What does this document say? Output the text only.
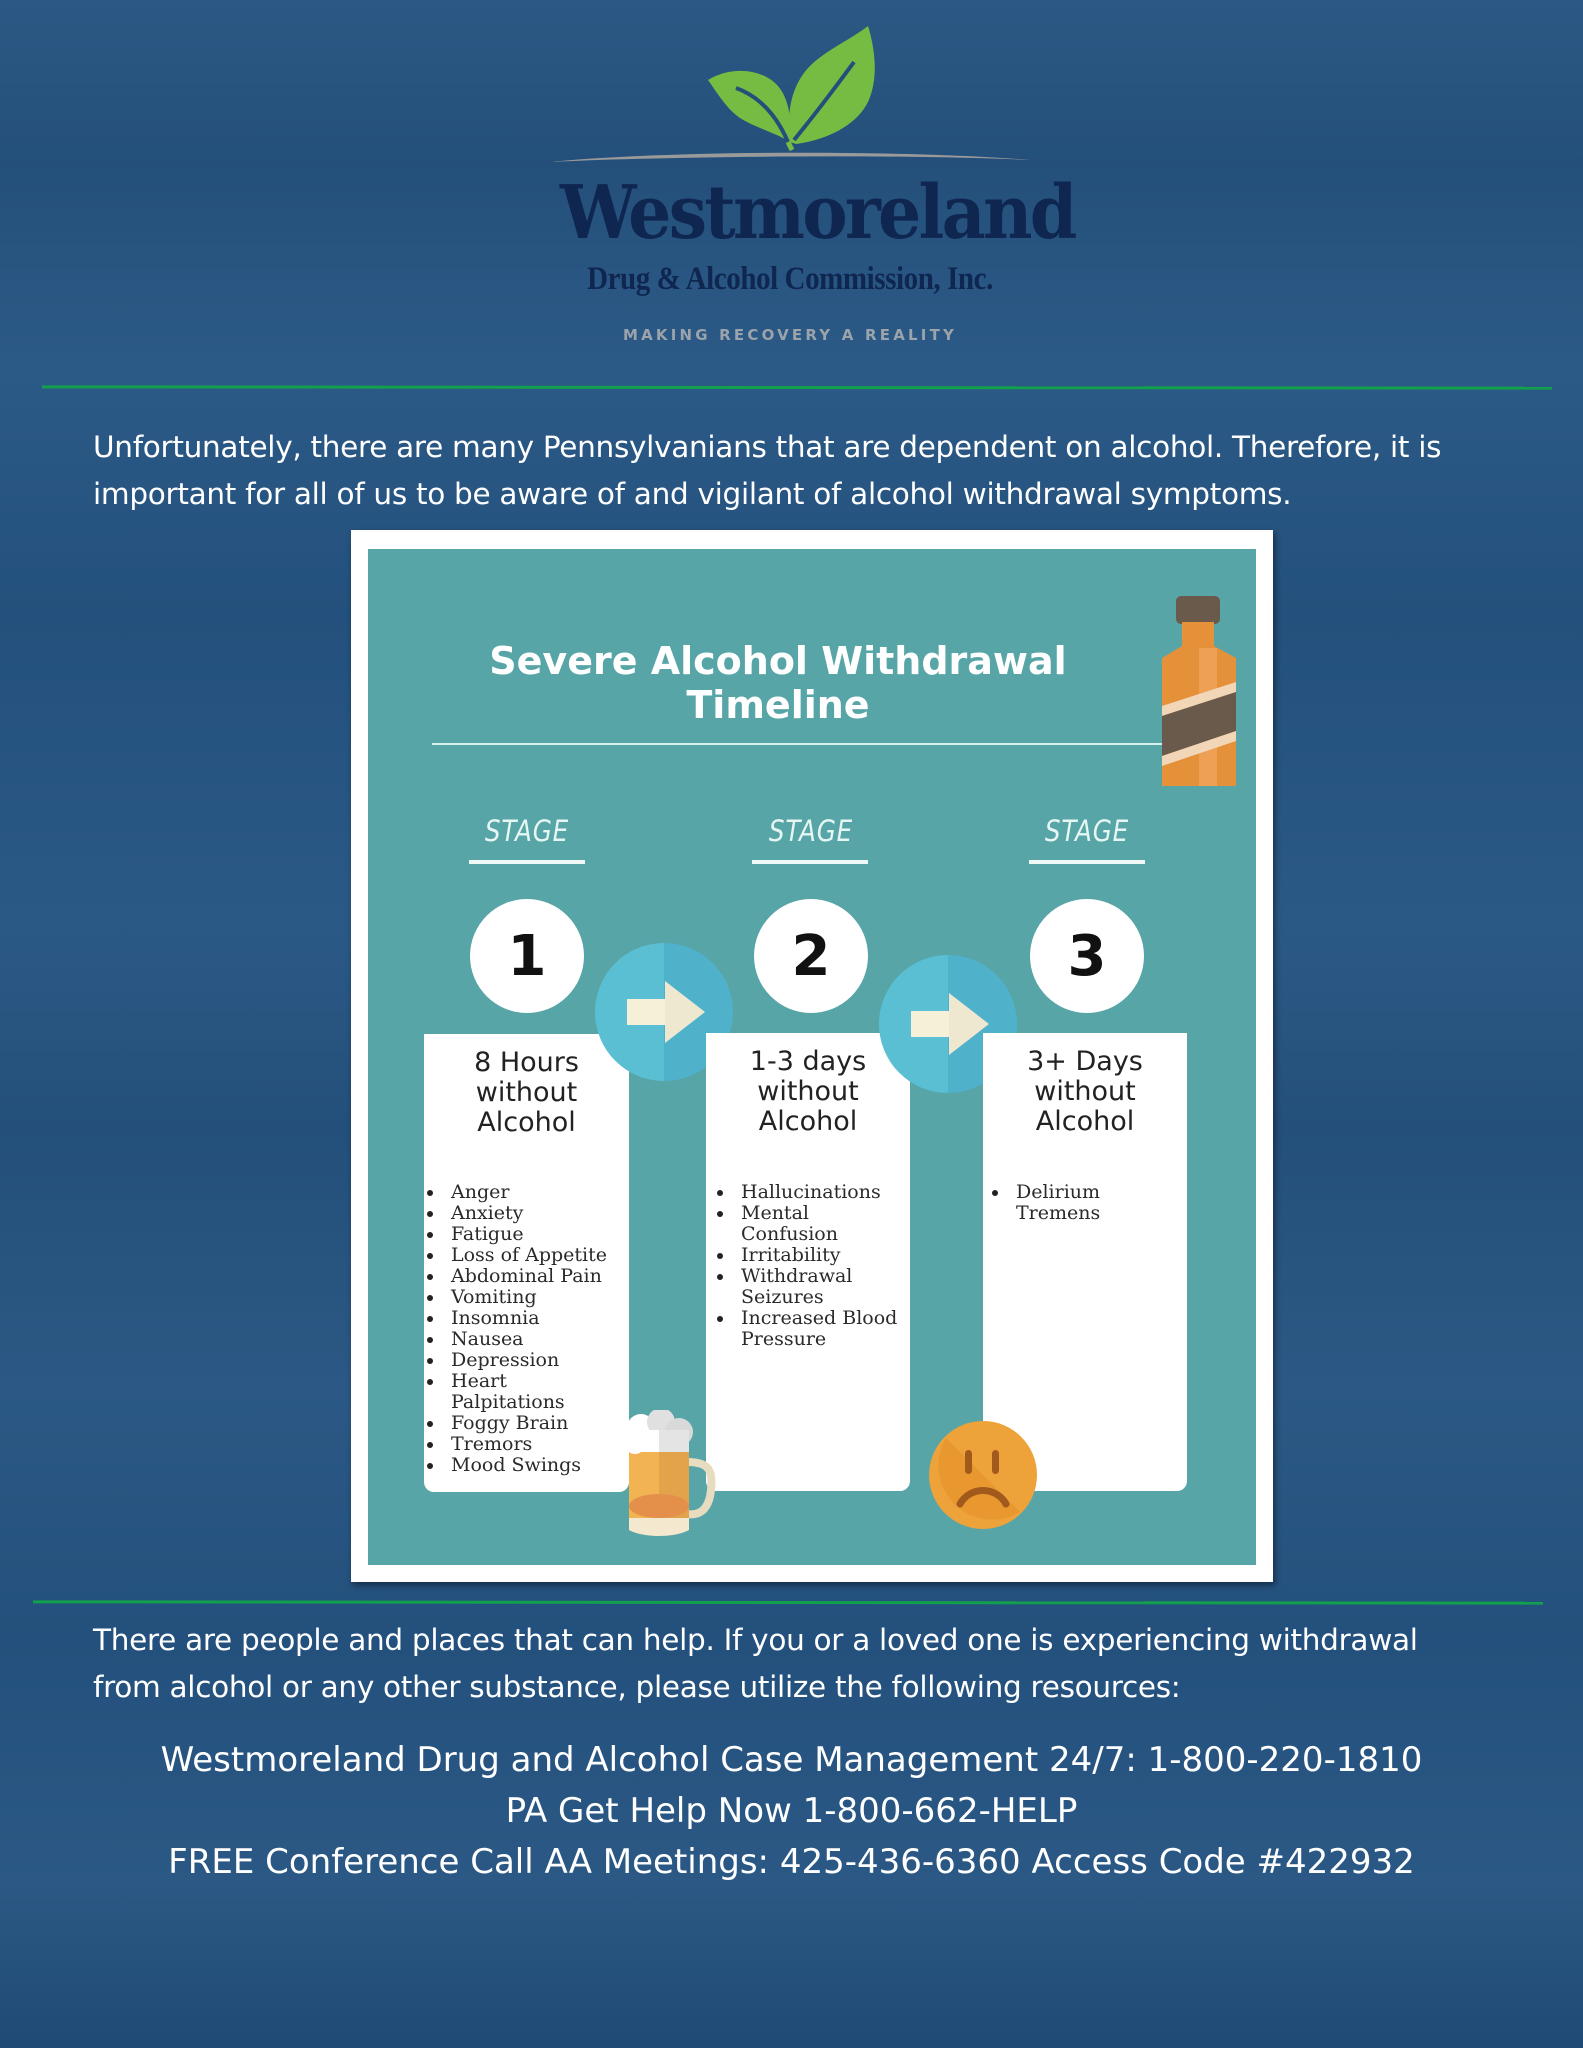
Westmoreland
Drug & Alcohol Commission, Inc.
MAKING RECOVERY A REALITY
Unfortunately, there are many Pennsylvanians that are dependent on alcohol. Therefore, it is
important for all of us to be aware of and vigilant of alcohol withdrawal symptoms.
Severe Alcohol Withdrawal
Timeline
STAGE
1
8 Hours
without
Alcohol
Anger
Anxiety
Fatigue
Loss of Appetite
Abdominal Pain
Vomiting
Insomnia
Nausea
Depression
Heart Palpitations
Foggy Brain
Tremors
Mood Swings
STAGE
2
1-3 days
without
Alcohol
Hallucinations
Mental Confusion
Irritability
Withdrawal Seizures
Increased Blood Pressure
STAGE
3
3+ Days
without
Alcohol
Delirium Tremens
There are people and places that can help. If you or a loved one is experiencing withdrawal
from alcohol or any other substance, please utilize the following resources:
Westmoreland Drug and Alcohol Case Management 24/7: 1-800-220-1810
PA Get Help Now 1-800-662-HELP
FREE Conference Call AA Meetings: 425-436-6360 Access Code #422932
